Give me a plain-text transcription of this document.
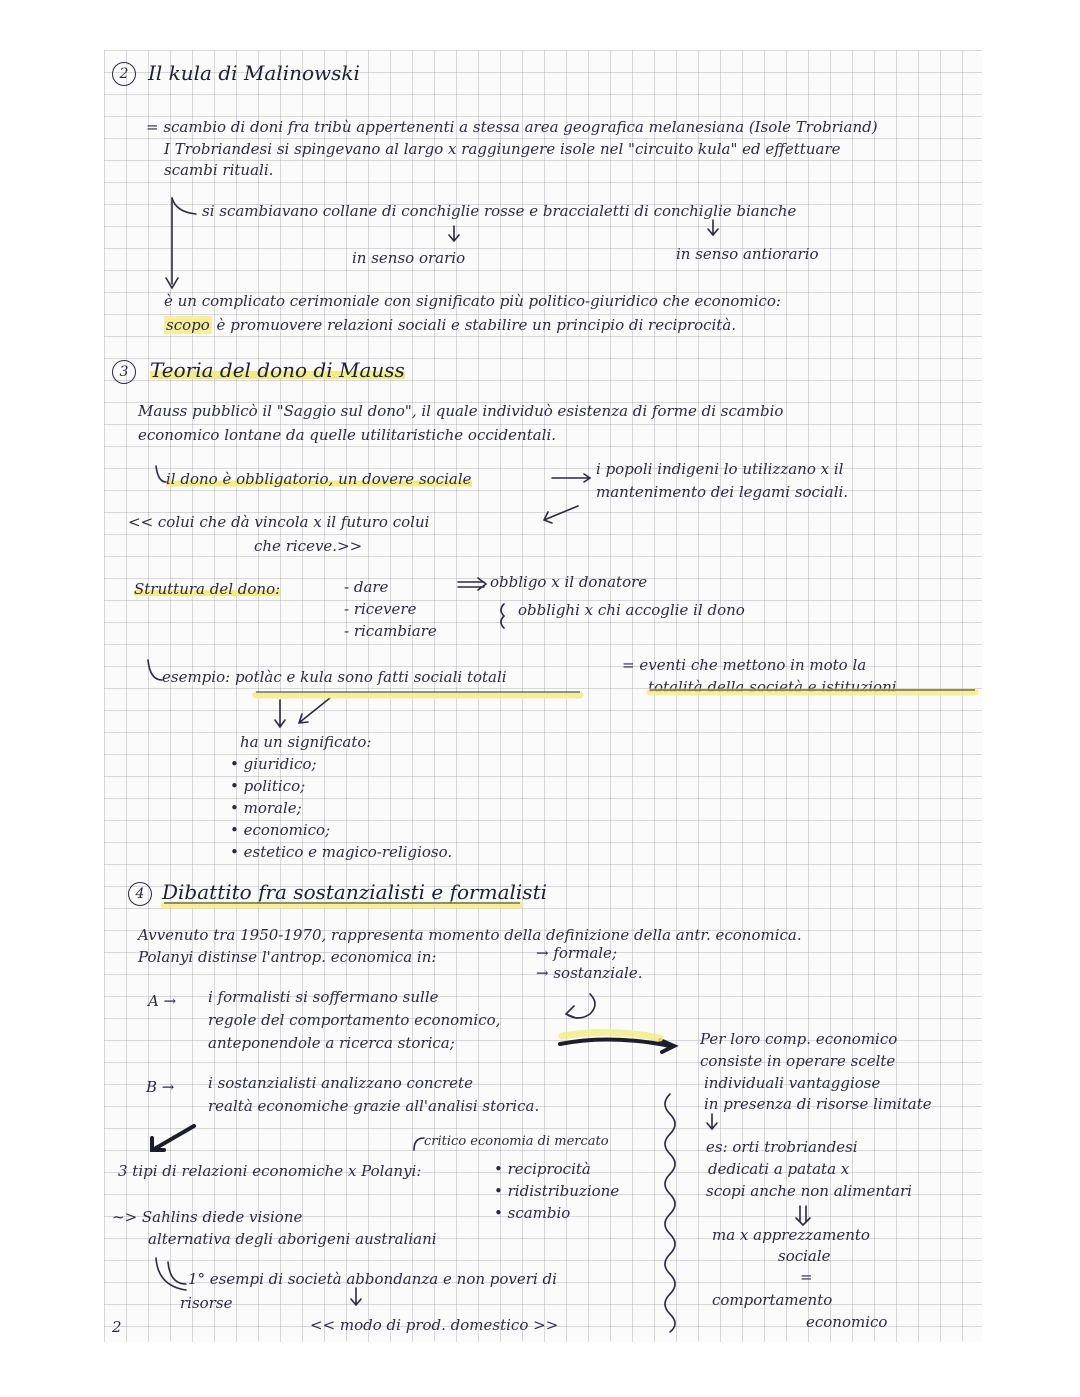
2 Il kula di Malinowski
= scambio di doni fra tribù appertenenti a stessa area geografica melanesiana (Isole Trobriand)
I Trobriandesi si spingevano al largo x raggiungere isole nel "circuito kula" ed effettuare
scambi rituali.
si scambiavano collane di conchiglie rosse e braccialetti di conchiglie bianche
in senso orario	in senso antiorario
è un complicato cerimoniale con significato più politico-giuridico che economico:
scopo è promuovere relazioni sociali e stabilire un principio di reciprocità.
3	Teoria del dono di Mauss
Mauss pubblicò il "Saggio sul dono", il quale individuò esistenza di forme di scambio
economico lontane da quelle utilitaristiche occidentali.
il dono è obbligatorio, un dovere sociale
i popoli indigeni lo utilizzano x il
mantenimento dei legami sociali.
<< colui che dà vincola x il futuro colui
che riceve.>>
Struttura del dono:	- dare
- ricevere
- ricambiare
obbligo x il donatore
obblighi x chi accoglie il dono
esempio: potlàc e kula sono fatti sociali totali
= eventi che mettono in moto la
totalità della società e istituzioni
ha un significato:
• giuridico;
• politico;
• morale;
• economico;
• estetico e magico-religioso.
4 Dibattito fra sostanzialisti e formalisti
Avvenuto tra 1950-1970, rappresenta momento della definizione della antr. economica.
Polanyi distinse l'antrop. economica in:	→ formale;
→ sostanziale.
A → i formalisti si soffermano sulle
regole del comportamento economico,
anteponendole a ricerca storica;
B → i sostanzialisti analizzano concrete
realtà economiche grazie all'analisi storica.
critico economia di mercato
3 tipi di relazioni economiche x Polanyi:	• reciprocità
• ridistribuzione
• scambio
~> Sahlins diede visione
alternativa degli aborigeni australiani
1° esempi di società abbondanza e non poveri di
risorse
<< modo di prod. domestico >>
Per loro comp. economico
consiste in operare scelte
individuali vantaggiose
in presenza di risorse limitate
es: orti trobriandesi
dedicati a patata x
scopi anche non alimentari
ma x apprezzamento
sociale
=
comportamento
economico
2
